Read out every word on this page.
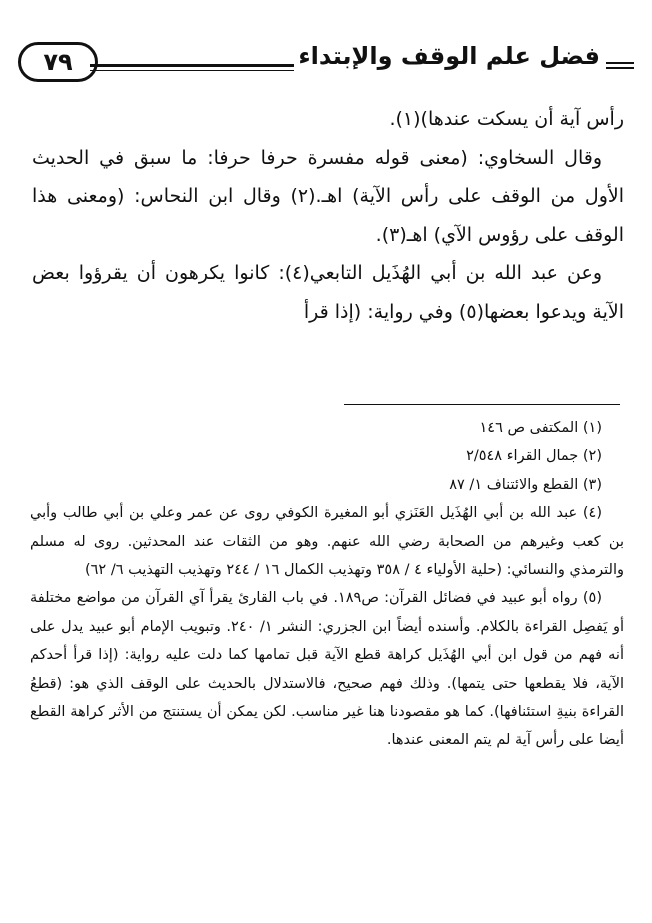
فضل علم الوقف والإبتداء
٧٩

رأس آية أن يسكت عندها)(١).

وقال السخاوي: (معنى قوله مفسرة حرفا حرفا: ما سبق في الحديث الأول من الوقف على رأس الآية) اهـ.(٢) وقال ابن النحاس: (ومعنى هذا الوقف على رؤوس الآي) اهـ(٣).

وعن عبد الله بن أبي الهُذَيل التابعي(٤): كانوا يكرهون أن يقرؤوا بعض الآية ويدعوا بعضها(٥) وفي رواية: (إذا قرأ

(١) المكتفى ص ١٤٦

(٢) جمال القراء ٢/٥٤٨

(٣) القطع والائتناف ١/ ٨٧

(٤) عبد الله بن أبي الهُذَيل العَنَزي أبو المغيرة الكوفي روى عن عمر وعلي بن أبي طالب وأبي بن كعب وغيرهم من الصحابة رضي الله عنهم. وهو من الثقات عند المحدثين. روى له مسلم والترمذي والنسائي: (حلية الأولياء ٤ / ٣٥٨ وتهذيب الكمال ١٦ / ٢٤٤ وتهذيب التهذيب ٦/ ٦٢)

(٥) رواه أبو عبيد في فضائل القرآن: ص١٨٩. في باب القارئ يقرأ آي القرآن من مواضع مختلفة أو يَفصِل القراءة بالكلام. وأسنده أيضاً ابن الجزري: النشر ١/ ٢٤٠. وتبويب الإمام أبو عبيد يدل على أنه فهم من قول ابن أبي الهُذَيل كراهة قطع الآية قبل تمامها كما دلت عليه رواية: (إذا قرأ أحدكم الآية، فلا يقطعها حتى يتمها). وذلك فهم صحيح، فالاستدلال بالحديث على الوقف الذي هو: (قطعُ القراءة بنيةِ استئنافها). كما هو مقصودنا هنا غير مناسب. لكن يمكن أن يستنتج من الأثر كراهة القطع أيضا على رأس آية لم يتم المعنى عندها.
